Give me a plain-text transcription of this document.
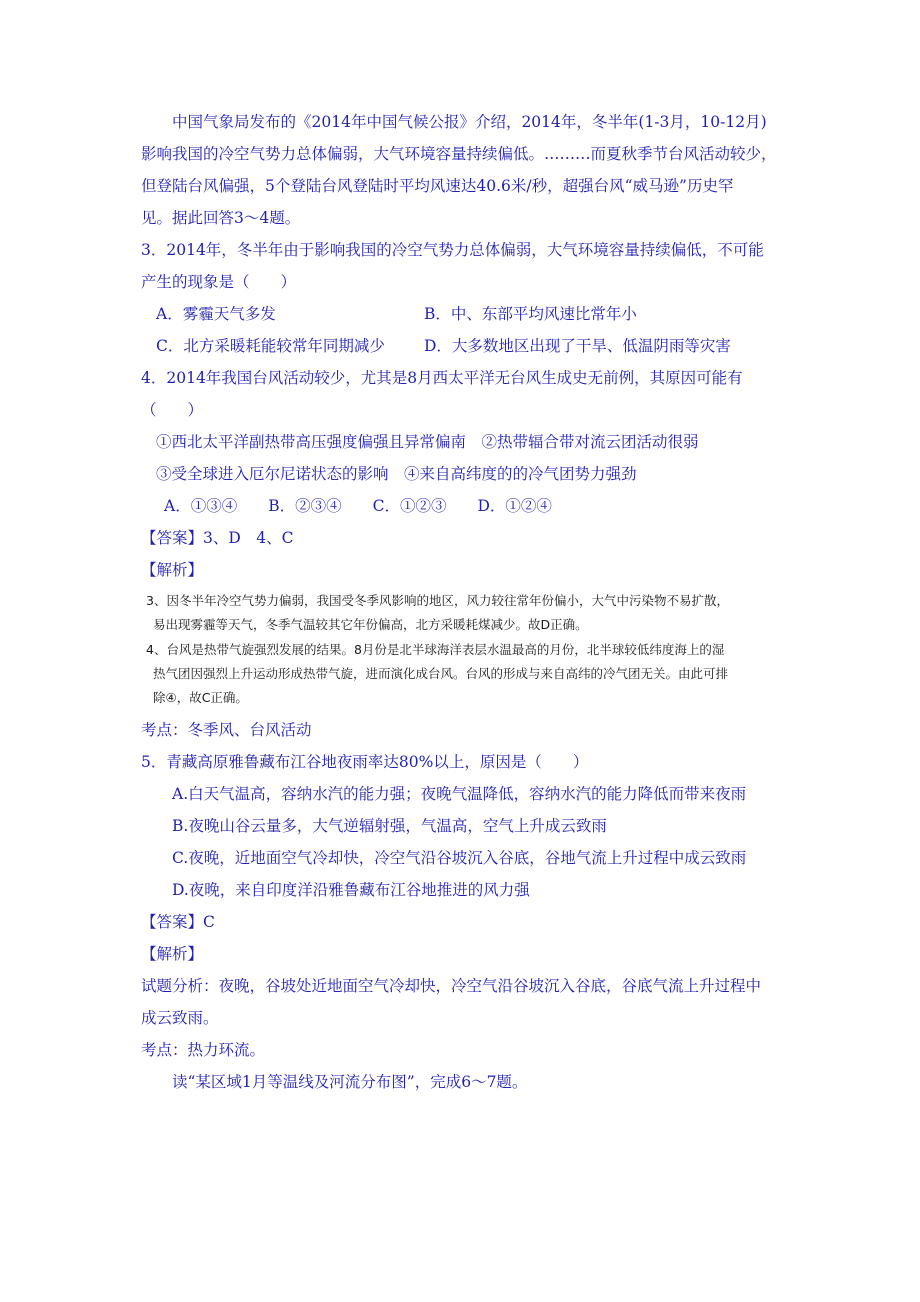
中国气象局发布的《2014年中国气候公报》介绍，2014年，冬半年(1-3月，10-12月)
影响我国的冷空气势力总体偏弱，大气环境容量持续偏低。………而夏秋季节台风活动较少，
但登陆台风偏强，5个登陆台风登陆时平均风速达40.6米/秒，超强台风“威马逊”历史罕
见。据此回答3～4题。
3．2014年，冬半年由于影响我国的冷空气势力总体偏弱，大气环境容量持续偏低，不可能
产生的现象是（　　）
A．雾霾天气多发	B．中、东部平均风速比常年小
C．北方采暖耗能较常年同期减少	D．大多数地区出现了干旱、低温阴雨等灾害
4．2014年我国台风活动较少，尤其是8月西太平洋无台风生成史无前例，其原因可能有
（　　）
①西北太平洋副热带高压强度偏强且异常偏南　②热带辐合带对流云团活动很弱
③受全球进入厄尔尼诺状态的影响　④来自高纬度的的冷气团势力强劲
A．①③④　　B．②③④　　C．①②③　　D．①②④
【答案】3、D　4、C
【解析】
3、因冬半年冷空气势力偏弱，我国受冬季风影响的地区，风力较往常年份偏小，大气中污染物不易扩散，
易出现雾霾等天气，冬季气温较其它年份偏高，北方采暖耗煤减少。故D正确。
4、台风是热带气旋强烈发展的结果。8月份是北半球海洋表层水温最高的月份，北半球较低纬度海上的湿
热气团因强烈上升运动形成热带气旋，进而演化成台风。台风的形成与来自高纬的冷气团无关。由此可排
除④，故C正确。
考点：冬季风、台风活动
5．青藏高原雅鲁藏布江谷地夜雨率达80%以上，原因是（　　）
A.白天气温高，容纳水汽的能力强；夜晚气温降低，容纳水汽的能力降低而带来夜雨
B.夜晚山谷云量多，大气逆辐射强，气温高，空气上升成云致雨
C.夜晚，近地面空气冷却快，冷空气沿谷坡沉入谷底，谷地气流上升过程中成云致雨
D.夜晚，来自印度洋沿雅鲁藏布江谷地推进的风力强
【答案】C
【解析】
试题分析：夜晚，谷坡处近地面空气冷却快，冷空气沿谷坡沉入谷底，谷底气流上升过程中
成云致雨。
考点：热力环流。
读“某区域1月等温线及河流分布图”，完成6～7题。
